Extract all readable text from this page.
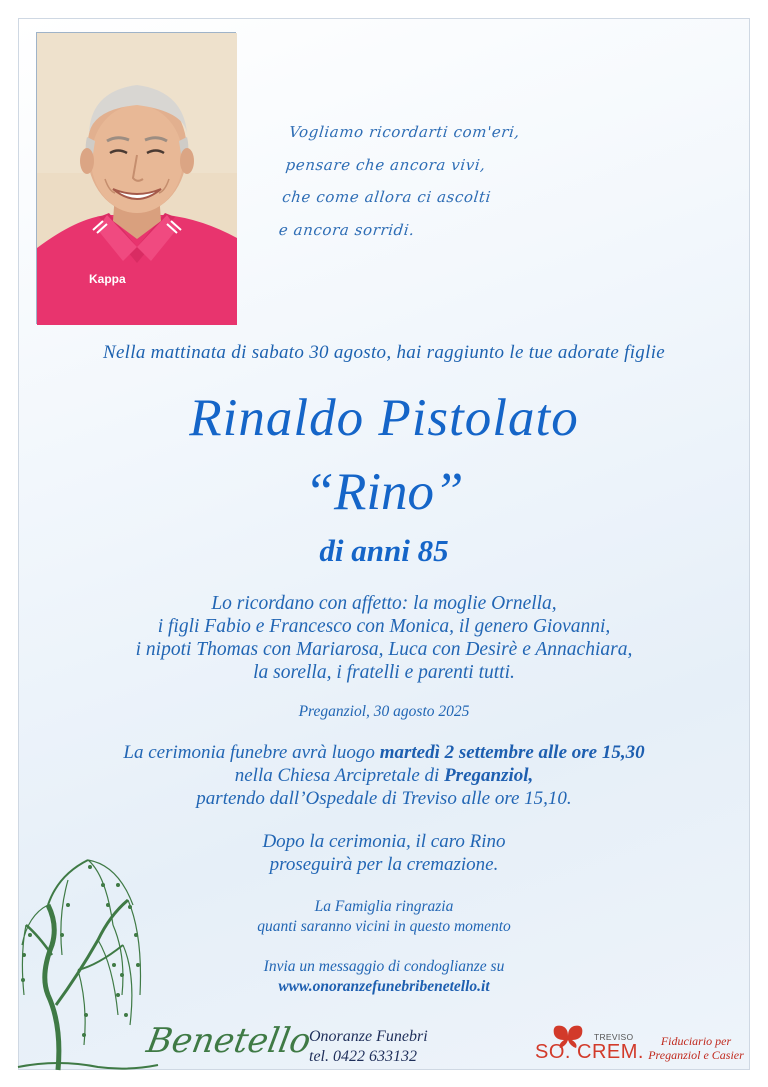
Kappa
Vogliamo ricordarti com'eri,
pensare che ancora vivi,
che come allora ci ascolti
e ancora sorridi.
Nella mattinata di sabato 30 agosto, hai raggiunto le tue adorate figlie
Rinaldo Pistolato
“Rino”
di anni 85
Lo ricordano con affetto: la moglie Ornella,
i figli Fabio e Francesco con Monica, il genero Giovanni,
i nipoti Thomas con Mariarosa, Luca con Desirè e Annachiara,
la sorella, i fratelli e parenti tutti.
Preganziol, 30 agosto 2025
La cerimonia funebre avrà luogo martedì 2 settembre alle ore 15,30
nella Chiesa Arcipretale di Preganziol,
partendo dall’Ospedale di Treviso alle ore 15,10.
Dopo la cerimonia, il caro Rino
proseguirà per la cremazione.
La Famiglia ringrazia
quanti saranno vicini in questo momento
Invia un messaggio di condoglianze su
www.onoranzefunebribenetello.it
Benetello
Onoranze Funebri
tel. 0422 633132
TREVISO
SO. CREM.	Fiduciario per
Preganziol e Casier
